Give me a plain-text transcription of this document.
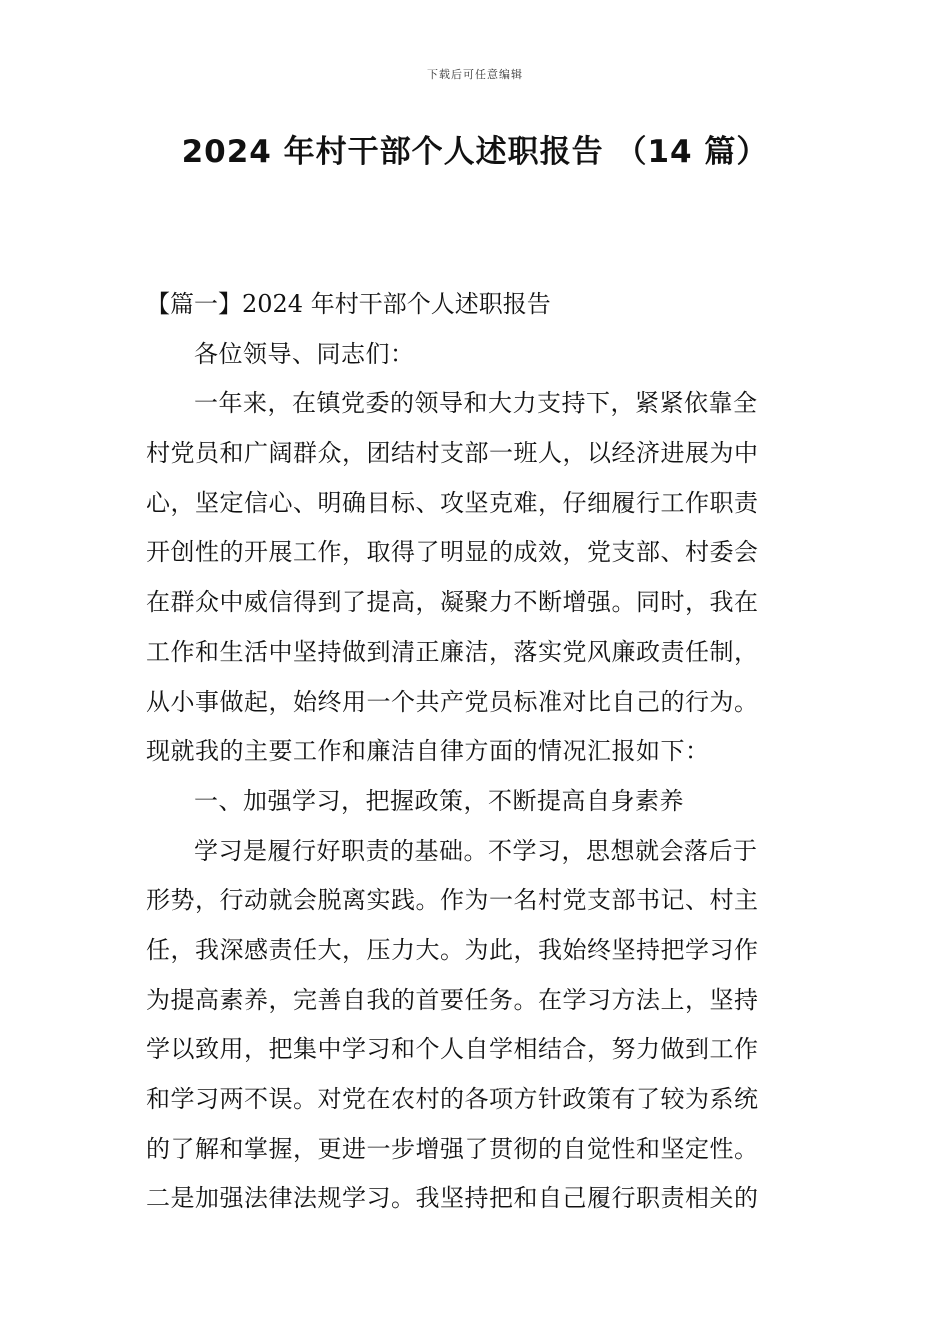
下载后可任意编辑
2024 年村干部个人述职报告 （14 篇）
【篇一】2024 年村干部个人述职报告
各位领导、同志们：
一年来，在镇党委的领导和大力支持下，紧紧依靠全
村党员和广阔群众，团结村支部一班人，以经济进展为中
心，坚定信心、明确目标、攻坚克难，仔细履行工作职责
开创性的开展工作，取得了明显的成效，党支部、村委会
在群众中威信得到了提高，凝聚力不断增强。同时，我在
工作和生活中坚持做到清正廉洁，落实党风廉政责任制，
从小事做起，始终用一个共产党员标准对比自己的行为。
现就我的主要工作和廉洁自律方面的情况汇报如下：
一、加强学习，把握政策，不断提高自身素养
学习是履行好职责的基础。不学习，思想就会落后于
形势，行动就会脱离实践。作为一名村党支部书记、村主
任，我深感责任大，压力大。为此，我始终坚持把学习作
为提高素养，完善自我的首要任务。在学习方法上，坚持
学以致用，把集中学习和个人自学相结合，努力做到工作
和学习两不误。对党在农村的各项方针政策有了较为系统
的了解和掌握，更进一步增强了贯彻的自觉性和坚定性。
二是加强法律法规学习。我坚持把和自己履行职责相关的
